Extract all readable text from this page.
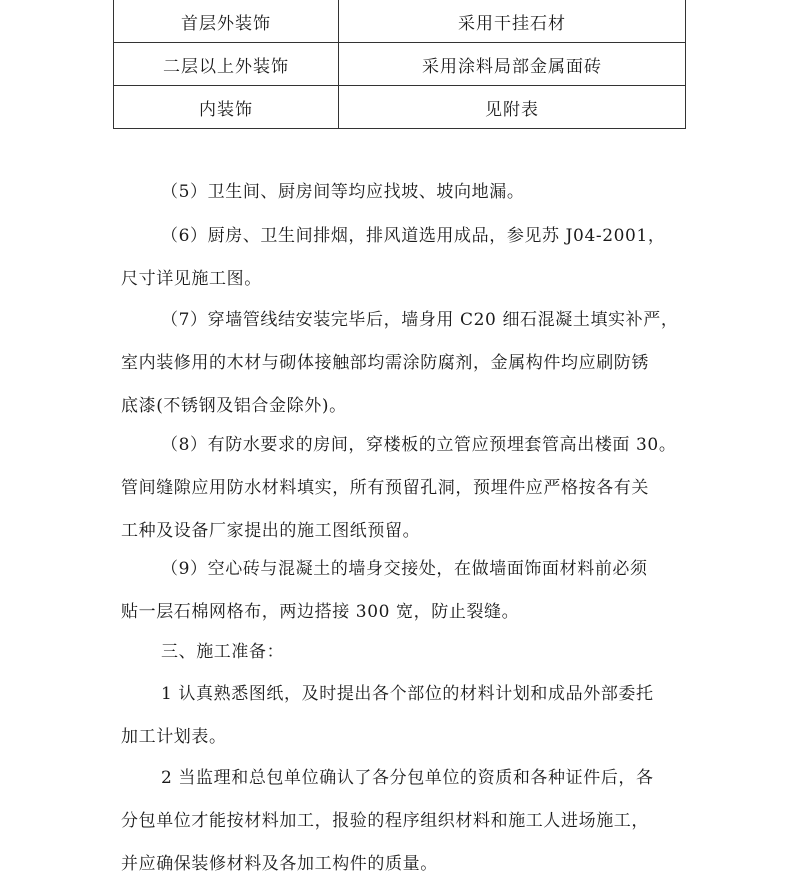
首层外装饰	采用干挂石材
二层以上外装饰	采用涂料局部金属面砖
内装饰	见附表
（5）卫生间、厨房间等均应找坡、坡向地漏。
（6）厨房、卫生间排烟，排风道选用成品，参见苏 J04-2001，
尺寸详见施工图。
（7）穿墙管线结安装完毕后，墙身用 C20 细石混凝土填实补严，
室内装修用的木材与砌体接触部均需涂防腐剂，金属构件均应刷防锈
底漆(不锈钢及铝合金除外)。
（8）有防水要求的房间，穿楼板的立管应预埋套管高出楼面 30。
管间缝隙应用防水材料填实，所有预留孔洞，预埋件应严格按各有关
工种及设备厂家提出的施工图纸预留。
（9）空心砖与混凝土的墙身交接处，在做墙面饰面材料前必须
贴一层石棉网格布，两边搭接 300 宽，防止裂缝。
三、施工准备：
1 认真熟悉图纸，及时提出各个部位的材料计划和成品外部委托
加工计划表。
2 当监理和总包单位确认了各分包单位的资质和各种证件后，各
分包单位才能按材料加工，报验的程序组织材料和施工人进场施工，
并应确保装修材料及各加工构件的质量。
